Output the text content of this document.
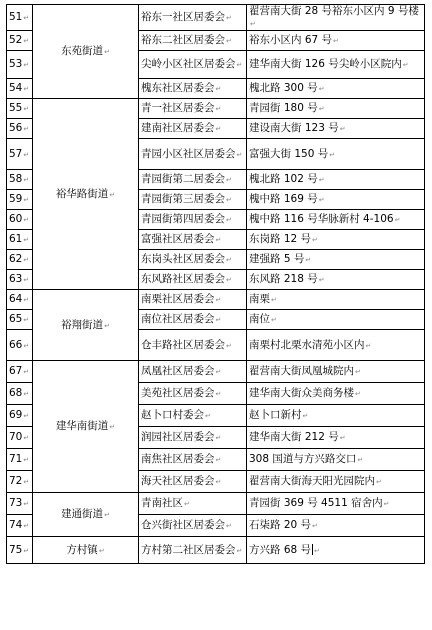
51↵	东苑街道↵	裕东一社区居委会↵	翟营南大街 28 号裕东小区内 9 号楼↵
52↵		裕东二社区居委会↵	裕东小区内 67 号↵
53↵		尖岭小区社区居委会↵	建华南大街 126 号尖岭小区院内↵
54↵		槐东社区居委会↵	槐北路 300 号↵
55↵	裕华路街道↵	青一社区居委会↵	青园街 180 号↵
56↵		建南社区居委会↵	建设南大街 123 号↵
57↵		青园小区社区居委会↵	富强大街 150 号↵
58↵		青园街第二居委会↵	槐北路 102 号↵
59↵		青园街第三居委会↵	槐中路 169 号↵
60↵		青园街第四居委会↵	槐中路 116 号华脉新村 4-106↵
61↵		富强社区居委会↵	东岗路 12 号↵
62↵		东岗头社区居委会↵	建强路 5 号↵
63↵		东风路社区居委会↵	东风路 218 号↵
64↵	裕翔街道↵	南栗社区居委会↵	南栗↵
65↵		南位社区居委会↵	南位↵
66↵		仓丰路社区居委会↵	南栗村北栗水清苑小区内↵
67↵	建华南街道↵	凤凰社区居委会↵	翟营南大街凤凰城院内↵
68↵		美苑社区居委会↵	建华南大街众美商务楼↵
69↵		赵卜口村委会↵	赵卜口新村↵
70↵		润园社区居委会↵	建华南大街 212 号↵
71↵		南焦社区居委会↵	308 国道与方兴路交口↵
72↵		海天社区居委会↵	翟营南大街海天阳光园院内↵
73↵	建通街道↵	青南社区↵	青园街 369 号 4511 宿舍内↵
74↵		仓兴街社区居委会↵	石柒路 20 号↵
75↵	方村镇↵	方村第二社区居委会↵	方兴路 68 号 ↵
